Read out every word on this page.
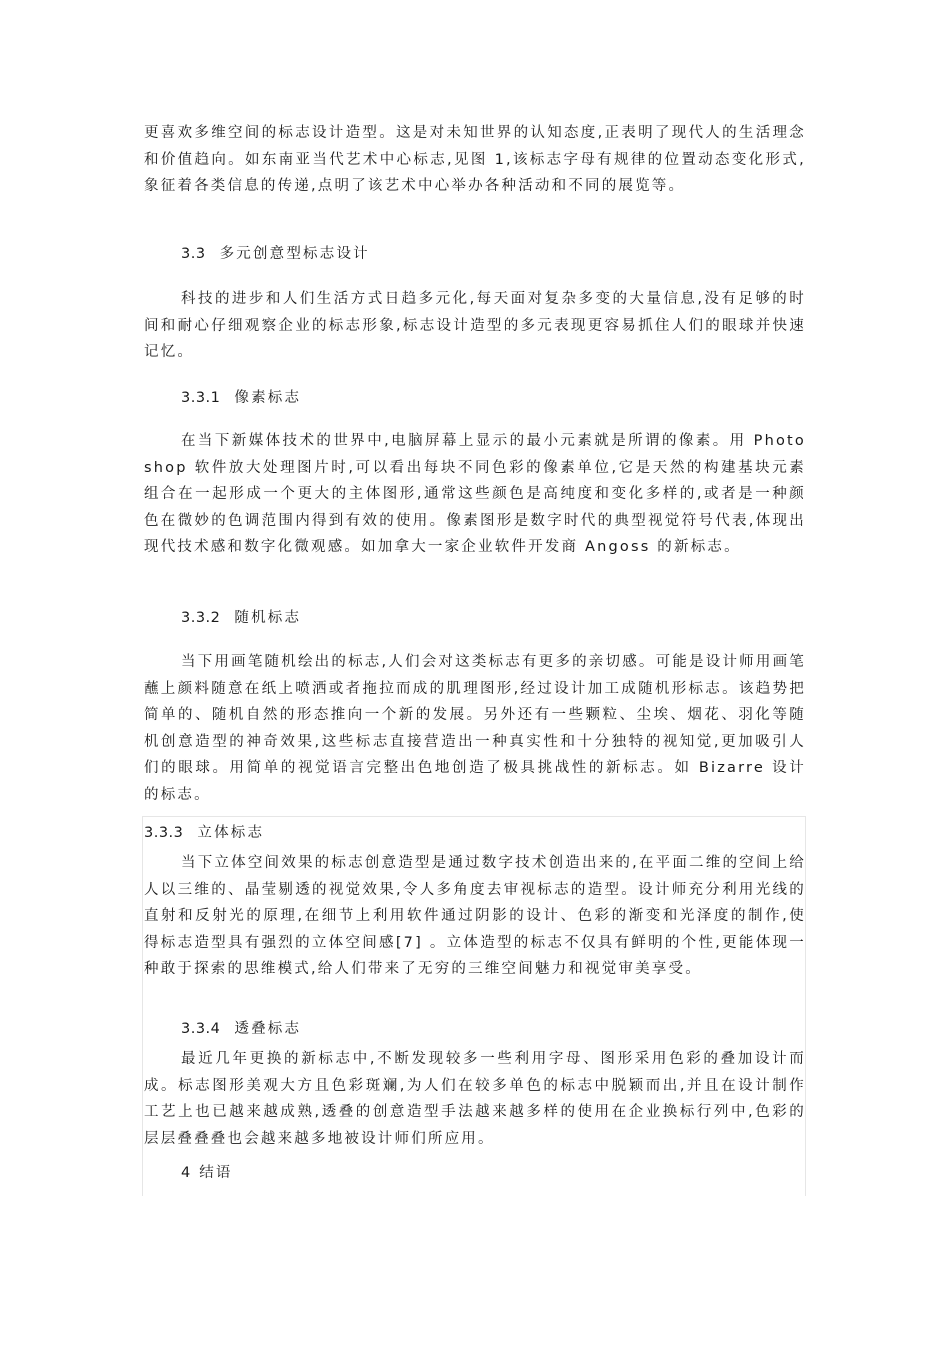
更喜欢多维空间的标志设计造型。这是对未知世界的认知态度,正表明了现代人的生活理念和价值趋向。如东南亚当代艺术中心标志,见图 1,该标志字母有规律的位置动态变化形式,象征着各类信息的传递,点明了该艺术中心举办各种活动和不同的展览等。

3.3 多元创意型标志设计

科技的进步和人们生活方式日趋多元化,每天面对复杂多变的大量信息,没有足够的时间和耐心仔细观察企业的标志形象,标志设计造型的多元表现更容易抓住人们的眼球并快速记忆。

3.3.1 像素标志

在当下新媒体技术的世界中,电脑屏幕上显示的最小元素就是所谓的像素。用 Photoshop 软件放大处理图片时,可以看出每块不同色彩的像素单位,它是天然的构建基块元素组合在一起形成一个更大的主体图形,通常这些颜色是高纯度和变化多样的,或者是一种颜色在微妙的色调范围内得到有效的使用。像素图形是数字时代的典型视觉符号代表,体现出现代技术感和数字化微观感。如加拿大一家企业软件开发商 Angoss 的新标志。

3.3.2 随机标志

当下用画笔随机绘出的标志,人们会对这类标志有更多的亲切感。可能是设计师用画笔蘸上颜料随意在纸上喷洒或者拖拉而成的肌理图形,经过设计加工成随机形标志。该趋势把简单的、随机自然的形态推向一个新的发展。另外还有一些颗粒、尘埃、烟花、羽化等随机创意造型的神奇效果,这些标志直接营造出一种真实性和十分独特的视知觉,更加吸引人们的眼球。用简单的视觉语言完整出色地创造了极具挑战性的新标志。如 Bizarre 设计的标志。

3.3.3 立体标志

当下立体空间效果的标志创意造型是通过数字技术创造出来的,在平面二维的空间上给人以三维的、晶莹剔透的视觉效果,令人多角度去审视标志的造型。设计师充分利用光线的直射和反射光的原理,在细节上利用软件通过阴影的设计、色彩的渐变和光泽度的制作,使得标志造型具有强烈的立体空间感[7] 。立体造型的标志不仅具有鲜明的个性,更能体现一种敢于探索的思维模式,给人们带来了无穷的三维空间魅力和视觉审美享受。

3.3.4 透叠标志

最近几年更换的新标志中,不断发现较多一些利用字母、图形采用色彩的叠加设计而成。标志图形美观大方且色彩斑斓,为人们在较多单色的标志中脱颖而出,并且在设计制作工艺上也已越来越成熟,透叠的创意造型手法越来越多样的使用在企业换标行列中,色彩的层层叠叠叠也会越来越多地被设计师们所应用。

4 结语
